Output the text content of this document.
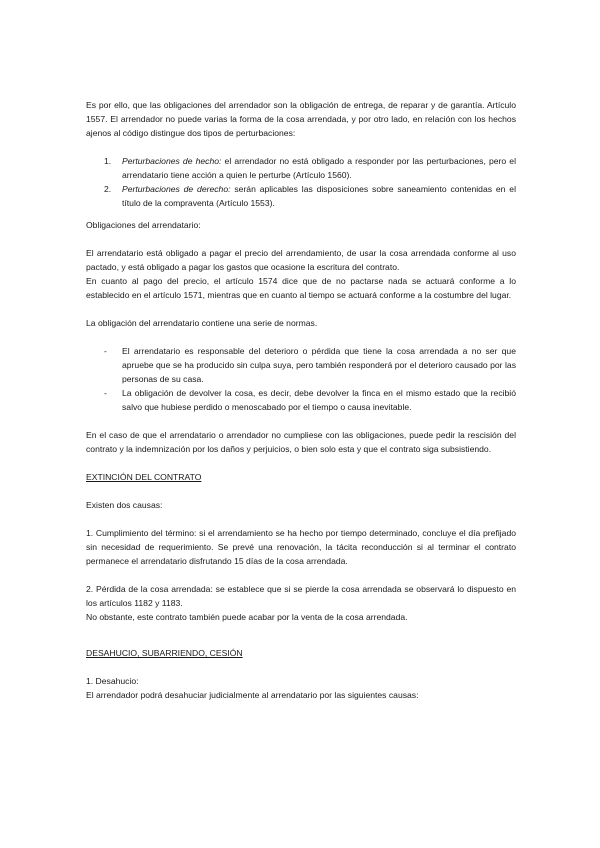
Es por ello, que las obligaciones del arrendador son la obligación de entrega, de reparar y de garantía. Artículo 1557. El arrendador no puede varias la forma de la cosa arrendada, y por otro lado, en relación con los hechos ajenos al código distingue dos tipos de perturbaciones:

1. Perturbaciones de hecho: el arrendador no está obligado a responder por las perturbaciones, pero el arrendatario tiene acción a quien le perturbe (Artículo 1560).
2. Perturbaciones de derecho: serán aplicables las disposiciones sobre saneamiento contenidas en el título de la compraventa (Artículo 1553).

Obligaciones del arrendatario:

El arrendatario está obligado a pagar el precio del arrendamiento, de usar la cosa arrendada conforme al uso pactado, y está obligado a pagar los gastos que ocasione la escritura del contrato.

En cuanto al pago del precio, el artículo 1574 dice que de no pactarse nada se actuará conforme a lo establecido en el artículo 1571, mientras que en cuanto al tiempo se actuará conforme a la costumbre del lugar.

La obligación del arrendatario contiene una serie de normas.

- El arrendatario es responsable del deterioro o pérdida que tiene la cosa arrendada a no ser que apruebe que se ha producido sin culpa suya, pero también responderá por el deterioro causado por las personas de su casa.
- La obligación de devolver la cosa, es decir, debe devolver la finca en el mismo estado que la recibió salvo que hubiese perdido o menoscabado por el tiempo o causa inevitable.

En el caso de que el arrendatario o arrendador no cumpliese con las obligaciones, puede pedir la rescisión del contrato y la indemnización por los daños y perjuicios, o bien solo esta y que el contrato siga subsistiendo.

EXTINCIÓN DEL CONTRATO

Existen dos causas:

1. Cumplimiento del término: si el arrendamiento se ha hecho por tiempo determinado, concluye el día prefijado sin necesidad de requerimiento. Se prevé una renovación, la tácita reconducción si al terminar el contrato permanece el arrendatario disfrutando 15 días de la cosa arrendada.

2. Pérdida de la cosa arrendada: se establece que si se pierde la cosa arrendada se observará lo dispuesto en los artículos 1182 y 1183.

No obstante, este contrato también puede acabar por la venta de la cosa arrendada.

DESAHUCIO, SUBARRIENDO, CESIÓN

1. Desahucio:

El arrendador podrá desahuciar judicialmente al arrendatario por las siguientes causas:
